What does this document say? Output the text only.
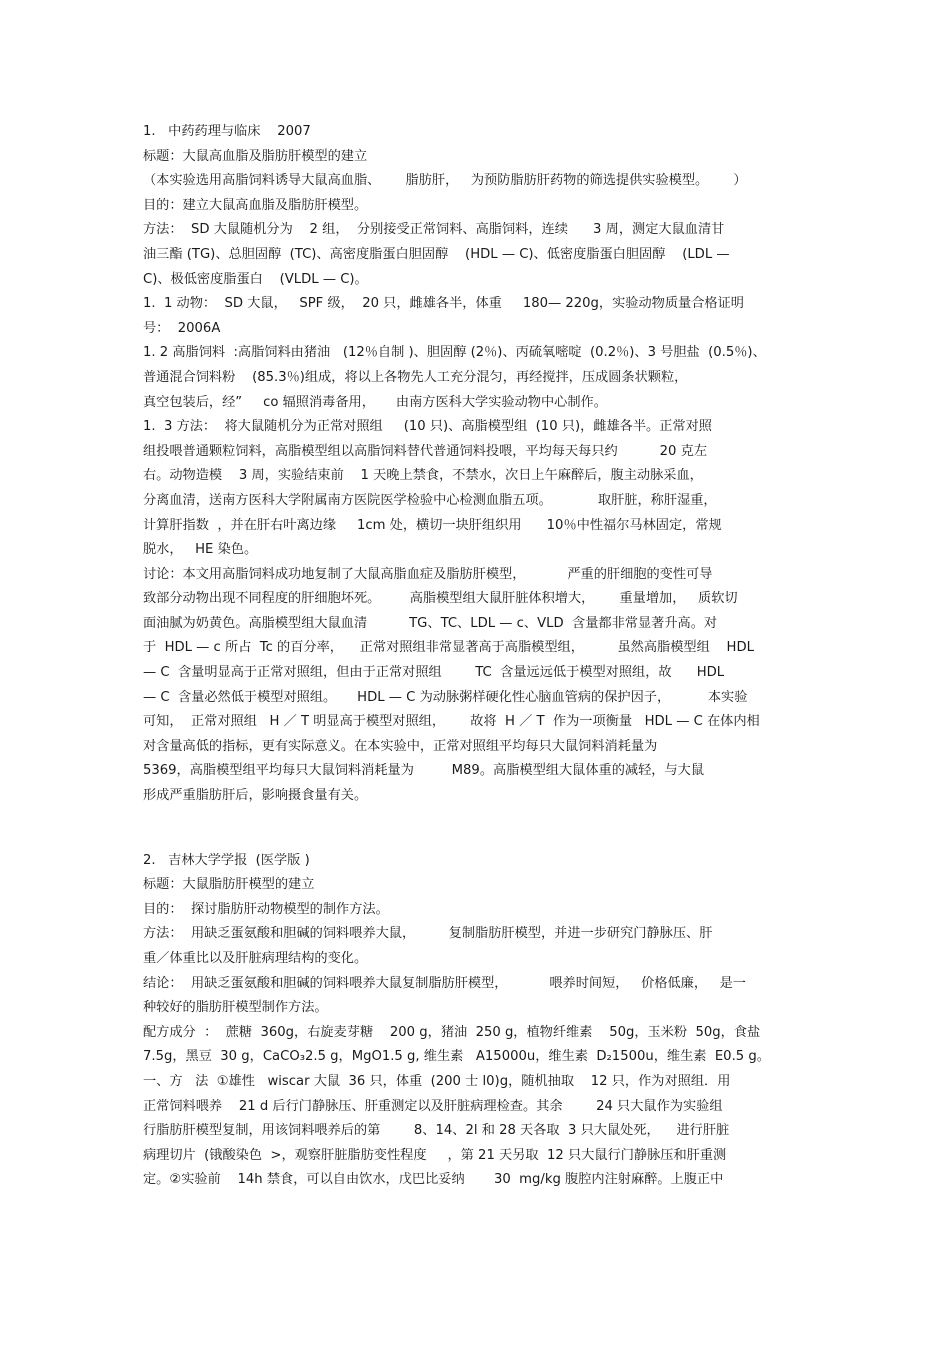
1.   中药药理与临床    2007
标题：大鼠高血脂及脂肪肝模型的建立
（本实验选用高脂饲料诱导大鼠高血脂、      脂肪肝，   为预防脂肪肝药物的筛选提供实验模型。      ）
目的：建立大鼠高血脂及脂肪肝模型。
方法：  SD 大鼠随机分为    2 组，  分别接受正常饲料、高脂饲料，连续      3 周，测定大鼠血清甘
油三酯 (TG)、总胆固醇  (TC)、高密度脂蛋白胆固醇    (HDL — C)、低密度脂蛋白胆固醇    (LDL —
C)、极低密度脂蛋白    (VLDL — C)。
1.  1 动物：  SD 大鼠，   SPF 级，  20 只，雌雄各半，体重     180— 220g，实验动物质量合格证明
号：  2006A
1. 2 高脂饲料  :高脂饲料由猪油   (12％自制 )、胆固醇 (2％)、丙硫氧嘧啶  (0.2％)、3 号胆盐  (0.5％)、
普通混合饲料粉    (85.3％)组成，将以上各物先人工充分混匀，再经搅拌，压成圆条状颗粒，
真空包装后，经”     co 辐照消毒备用，     由南方医科大学实验动物中心制作。
1.  3 方法：  将大鼠随机分为正常对照组     (10 只)、高脂模型组  (10 只)，雌雄各半。正常对照
组投喂普通颗粒饲料，高脂模型组以高脂饲料替代普通饲料投喂，平均每天每只约          20 克左
右。动物造模    3 周，实验结束前    1 天晚上禁食，不禁水，次日上午麻醉后，腹主动脉采血，
分离血清，送南方医科大学附属南方医院医学检验中心检测血脂五项。           取肝脏，称肝湿重，
计算肝指数  ，并在肝右叶离边缘     1cm 处，横切一块肝组织用      10％中性福尔马林固定，常规
脱水，   HE 染色。
讨论：本文用高脂饲料成功地复制了大鼠高脂血症及脂肪肝模型，          严重的肝细胞的变性可导
致部分动物出现不同程度的肝细胞坏死。       高脂模型组大鼠肝脏体积增大，      重量增加，   质软切
面油腻为奶黄色。高脂模型组大鼠血清          TG、TC、LDL — c、VLD  含量都非常显著升高。对
于  HDL — c 所占  Tc 的百分率，    正常对照组非常显著高于高脂模型组，        虽然高脂模型组    HDL
— C  含量明显高于正常对照组，但由于正常对照组        TC  含量远远低于模型对照组，故      HDL
— C  含量必然低于模型对照组。     HDL — C 为动脉粥样硬化性心脑血管病的保护因子，         本实验
可知，  正常对照组   H ／ T 明显高于模型对照组，      故将  H ／ T  作为一项衡量   HDL — C 在体内相
对含量高低的指标，更有实际意义。在本实验中，正常对照组平均每只大鼠饲料消耗量为
5369，高脂模型组平均每只大鼠饲料消耗量为         M89。高脂模型组大鼠体重的减轻，与大鼠
形成严重脂肪肝后，影响摄食量有关。
2.   吉林大学学报  (医学版 )
标题：大鼠脂肪肝模型的建立
目的：  探讨脂肪肝动物模型的制作方法。
方法：  用缺乏蛋氨酸和胆碱的饲料喂养大鼠，        复制脂肪肝模型，并进一步研究门静脉压、肝
重／体重比以及肝脏病理结构的变化。
结论：  用缺乏蛋氨酸和胆碱的饲料喂养大鼠复制脂肪肝模型，          喂养时间短，   价格低廉，   是一
种较好的脂肪肝模型制作方法。
配方成分  ：  蔗糖  360g，右旋麦芽糖    200 g，猪油  250 g，植物纤维素    50g，玉米粉  50g，食盐
7.5g，黑豆  30 g，CaCO₃2.5 g，MgO1.5 g, 维生素   A15000u，维生素  D₂1500u，维生素  E0.5 g。
一、方   法  ①雄性   wiscar 大鼠  36 只，体重  (200 士 l0)g，随机抽取    12 只，作为对照组．用
正常饲料喂养    21 d 后行门静脉压、肝重测定以及肝脏病理检查。其余        24 只大鼠作为实验组
行脂肪肝模型复制，用该饲料喂养后的第        8、14、2l 和 28 天各取  3 只大鼠处死，    进行肝脏
病理切片  (锇酸染色  >，观察肝脏脂肪变性程度     ，第 21 天另取  12 只大鼠行门静脉压和肝重测
定。②实验前    14h 禁食，可以自由饮水，戊巴比妥纳       30  mg/kg 腹腔内注射麻醉。上腹正中
